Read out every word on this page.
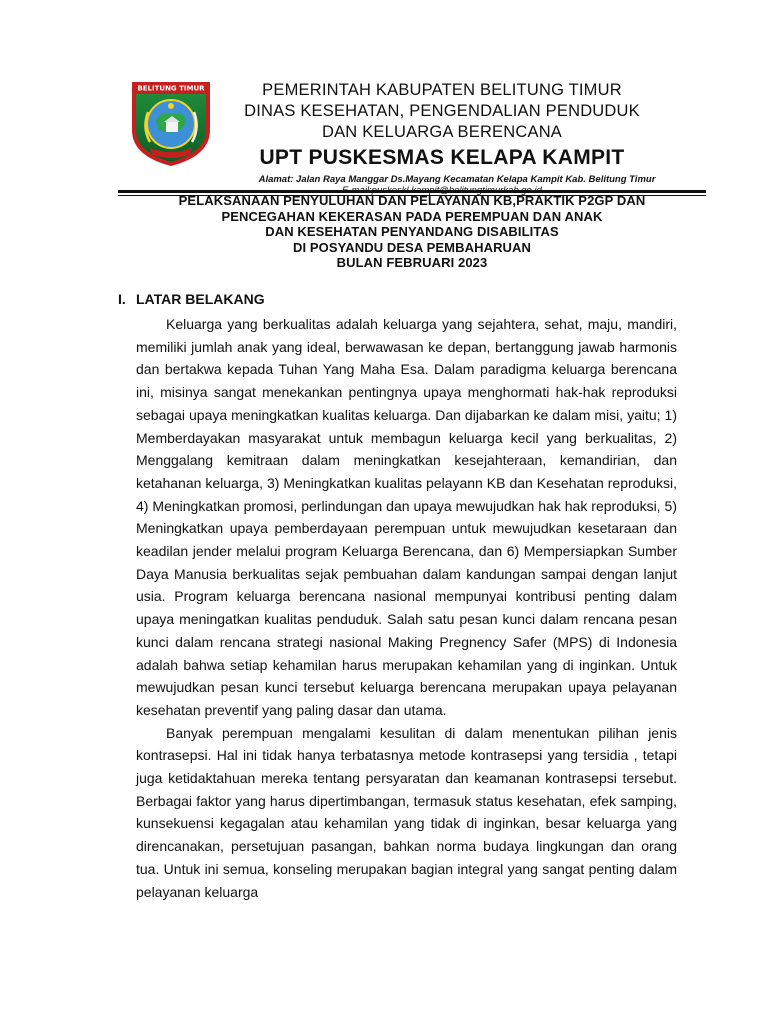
BELITUNG TIMUR	PEMERINTAH KABUPATEN BELITUNG TIMUR
DINAS KESEHATAN, PENGENDALIAN PENDUDUK
DAN KELUARGA BERENCANA
UPT PUSKESMAS KELAPA KAMPIT
Alamat: Jalan Raya Manggar Ds.Mayang Kecamatan Kelapa Kampit Kab. Belitung Timur
PELAKSANAAN PENYULUHAN DAN PELAYANAN KB,PRAKTIK P2GP DAN
PENCEGAHAN KEKERASAN PADA PEREMPUAN DAN ANAK
DAN KESEHATAN PENYANDANG DISABILITAS
DI POSYANDU DESA PEMBAHARUAN
BULAN FEBRUARI 2023
I. LATAR BELAKANG

Keluarga yang berkualitas adalah keluarga yang sejahtera, sehat, maju, mandiri, memiliki jumlah anak yang ideal, berwawasan ke depan, bertanggung jawab harmonis dan bertakwa kepada Tuhan Yang Maha Esa. Dalam paradigma keluarga berencana ini, misinya sangat menekankan pentingnya upaya menghormati hak-hak reproduksi sebagai upaya meningkatkan kualitas keluarga. Dan dijabarkan ke dalam misi, yaitu; 1) Memberdayakan masyarakat untuk membagun keluarga kecil yang berkualitas, 2) Menggalang kemitraan dalam meningkatkan kesejahteraan, kemandirian, dan ketahanan keluarga, 3) Meningkatkan kualitas pelayann KB dan Kesehatan reproduksi, 4) Meningkatkan promosi, perlindungan dan upaya mewujudkan hak hak reproduksi, 5) Meningkatkan upaya pemberdayaan perempuan untuk mewujudkan kesetaraan dan keadilan jender melalui program Keluarga Berencana, dan 6) Mempersiapkan Sumber Daya Manusia berkualitas sejak pembuahan dalam kandungan sampai dengan lanjut usia. Program keluarga berencana nasional mempunyai kontribusi penting dalam upaya meningatkan kualitas penduduk. Salah satu pesan kunci dalam rencana pesan kunci dalam rencana strategi nasional Making Pregnency Safer (MPS) di Indonesia adalah bahwa setiap kehamilan harus merupakan kehamilan yang di inginkan. Untuk mewujudkan pesan kunci tersebut keluarga berencana merupakan upaya pelayanan kesehatan preventif yang paling dasar dan utama.

Banyak perempuan mengalami kesulitan di dalam menentukan pilihan jenis kontrasepsi. Hal ini tidak hanya terbatasnya metode kontrasepsi yang tersidia , tetapi juga ketidaktahuan mereka tentang persyaratan dan keamanan kontrasepsi tersebut. Berbagai faktor yang harus dipertimbangan, termasuk status kesehatan, efek samping, kunsekuensi kegagalan atau kehamilan yang tidak di inginkan, besar keluarga yang direncanakan, persetujuan pasangan, bahkan norma budaya lingkungan dan orang tua. Untuk ini semua, konseling merupakan bagian integral yang sangat penting dalam pelayanan keluarga
